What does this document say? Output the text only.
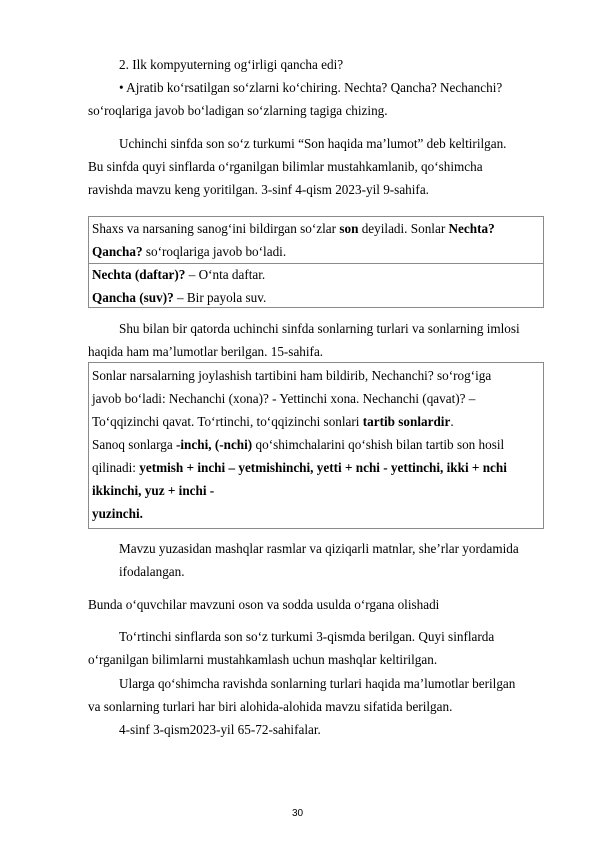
2. Ilk kompyuterning og‘irligi qancha edi?
• Ajratib ko‘rsatilgan so‘zlarni ko‘chiring. Nechta? Qancha? Nechanchi?
so‘roqlariga javob bo‘ladigan so‘zlarning tagiga chizing.
Uchinchi sinfda son so‘z turkumi “Son haqida ma’lumot” deb keltirilgan.
Bu sinfda quyi sinflarda o‘rganilgan bilimlar mustahkamlanib, qo‘shimcha
ravishda mavzu keng yoritilgan. 3-sinf 4-qism 2023-yil 9-sahifa.
Shaxs va narsaning sanog‘ini bildirgan so‘zlar son deyiladi. Sonlar Nechta?
Qancha? so‘roqlariga javob bo‘ladi.
Nechta (daftar)? – O‘nta daftar.
Qancha (suv)? – Bir payola suv.
Shu bilan bir qatorda uchinchi sinfda sonlarning turlari va sonlarning imlosi
haqida ham ma’lumotlar berilgan. 15-sahifa.
Sonlar narsalarning joylashish tartibini ham bildirib, Nechanchi? so‘rog‘iga
javob bo‘ladi: Nechanchi (xona)? - Yettinchi xona. Nechanchi (qavat)? –
To‘qqizinchi qavat. To‘rtinchi, to‘qqizinchi sonlari tartib sonlardir.
Sanoq sonlarga -inchi, (-nchi) qo‘shimchalarini qo‘shish bilan tartib son hosil
qilinadi: yetmish + inchi – yetmishinchi, yetti + nchi - yettinchi, ikki + nchi
ikkinchi, yuz + inchi -
yuzinchi.
Mavzu yuzasidan mashqlar rasmlar va qiziqarli matnlar, she’rlar yordamida
ifodalangan.
Bunda o‘quvchilar mavzuni oson va sodda usulda o‘rgana olishadi
To‘rtinchi sinflarda son so‘z turkumi 3-qismda berilgan. Quyi sinflarda
o‘rganilgan bilimlarni mustahkamlash uchun mashqlar keltirilgan.
Ularga qo‘shimcha ravishda sonlarning turlari haqida ma’lumotlar berilgan
va sonlarning turlari har biri alohida-alohida mavzu sifatida berilgan.
4-sinf 3-qism2023-yil 65-72-sahifalar.
30
